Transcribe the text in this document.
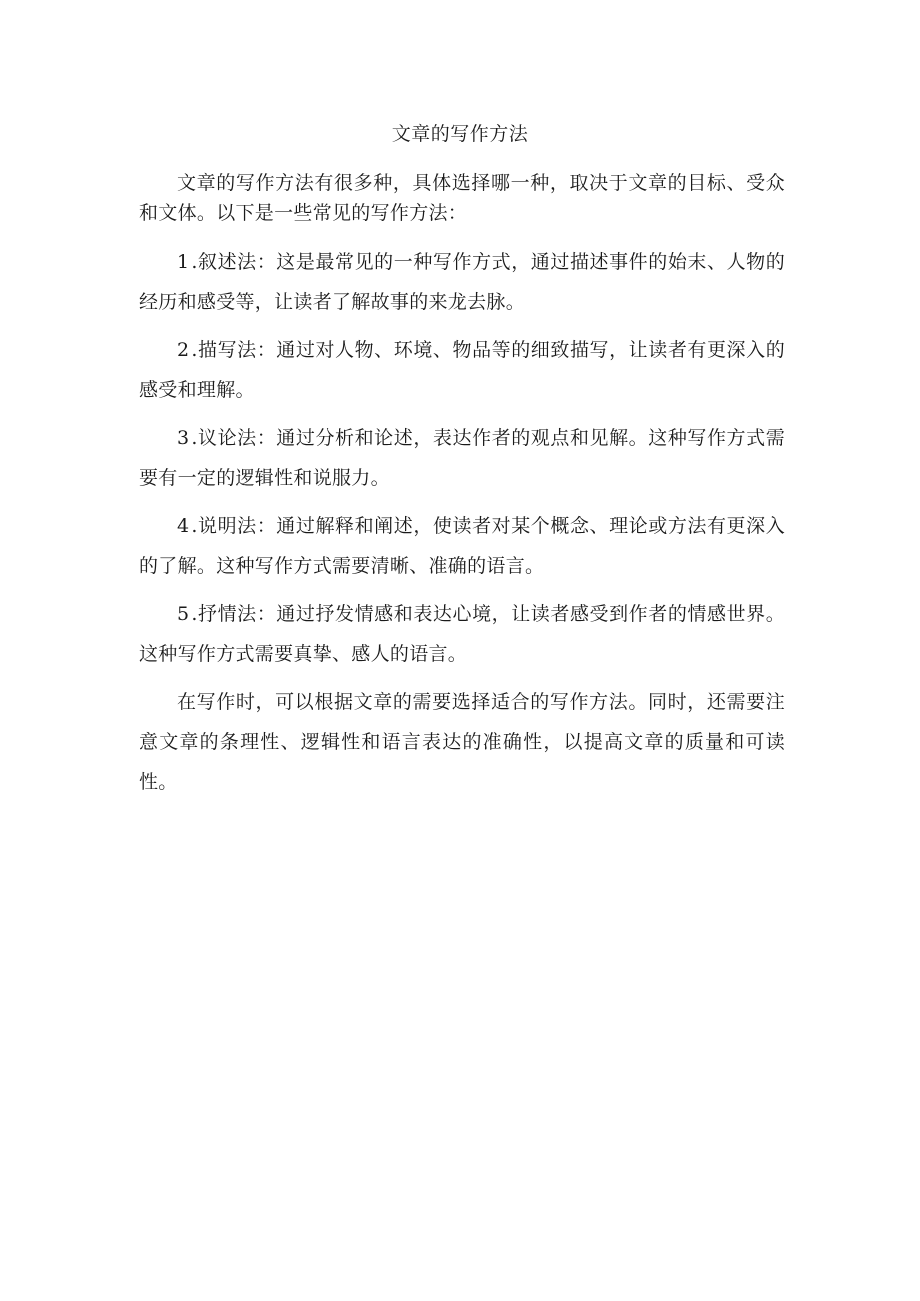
文章的写作方法

文章的写作方法有很多种，具体选择哪一种，取决于文章的目标、受众和文体。以下是一些常见的写作方法：

1 .叙述法：这是最常见的一种写作方式，通过描述事件的始末、人物的经历和感受等，让读者了解故事的来龙去脉。

2 .描写法：通过对人物、环境、物品等的细致描写，让读者有更深入的感受和理解。

3 .议论法：通过分析和论述，表达作者的观点和见解。这种写作方式需要有一定的逻辑性和说服力。

4 .说明法：通过解释和阐述，使读者对某个概念、理论或方法有更深入的了解。这种写作方式需要清晰、准确的语言。

5 .抒情法：通过抒发情感和表达心境，让读者感受到作者的情感世界。这种写作方式需要真挚、感人的语言。

在写作时，可以根据文章的需要选择适合的写作方法。同时，还需要注意文章的条理性、逻辑性和语言表达的准确性，以提高文章的质量和可读性。
